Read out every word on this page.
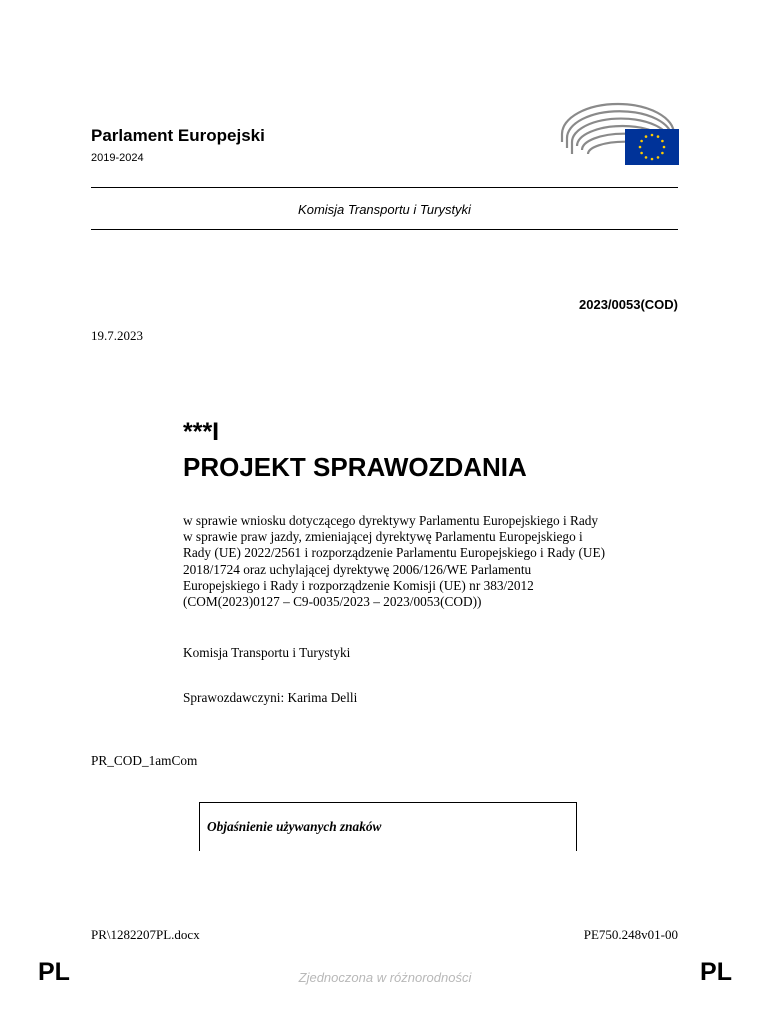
Parlament Europejski
2019-2024
Komisja Transportu i Turystyki
2023/0053(COD)
19.7.2023
***I
PROJEKT SPRAWOZDANIA
w sprawie wniosku dotyczącego dyrektywy Parlamentu Europejskiego i Rady
w sprawie praw jazdy, zmieniającej dyrektywę Parlamentu Europejskiego i
Rady (UE) 2022/2561 i rozporządzenie Parlamentu Europejskiego i Rady (UE)
2018/1724 oraz uchylającej dyrektywę 2006/126/WE Parlamentu
Europejskiego i Rady i rozporządzenie Komisji (UE) nr 383/2012
(COM(2023)0127 – C9-0035/2023 – 2023/0053(COD))
Komisja Transportu i Turystyki
Sprawozdawczyni: Karima Delli
PR_COD_1amCom
Objaśnienie używanych znaków
PR\1282207PL.docx	PE750.248v01-00
PL	Zjednoczona w różnorodności	PL
